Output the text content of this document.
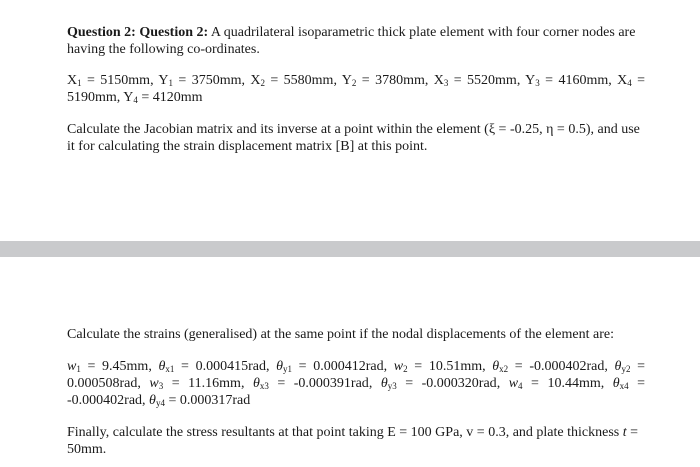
Question 2: Question 2: A quadrilateral isoparametric thick plate element with four corner nodes are having the following co-ordinates.
$X_1 = 5150mm$, $Y_1 = 3750mm$, $X_2 = 5580mm$, $Y_2 = 3780mm$, $X_3 = 5520mm$, $Y_3 = 4160mm$, $X_4 = 5190mm$, $Y_4 = 4120mm$
Calculate the Jacobian matrix and its inverse at a point within the element (ξ = -0.25, η = 0.5), and use it for calculating the strain displacement matrix [B] at this point.
Calculate the strains (generalised) at the same point if the nodal displacements of the element are:
$w_1 = 9.45mm$, $\theta_{x1} = 0.000415rad$, $\theta_{y1} = 0.000412rad$, $w_2 = 10.51mm$, $\theta_{x2} = -0.000402rad$, $\theta_{y2} = 0.000508rad$, $w_3 = 11.16mm$, $\theta_{x3} = -0.000391rad$, $\theta_{y3} = -0.000320rad$, $w_4 = 10.44mm$, $\theta_{x4} = -0.000402rad$, $\theta_{y4} = 0.000317rad$
Finally, calculate the stress resultants at that point taking E = 100 GPa, v = 0.3, and plate thickness t = 50mm.
